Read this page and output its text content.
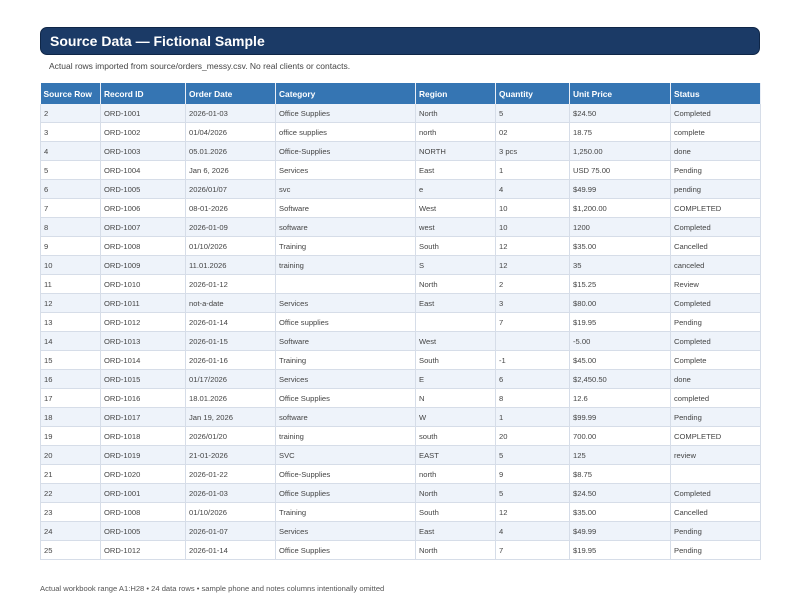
Source Data — Fictional Sample
Actual rows imported from source/orders_messy.csv. No real clients or contacts.
Source Row	Record ID	Order Date	Category	Region	Quantity	Unit Price	Status
2	ORD-1001	2026-01-03	Office Supplies	North	5	$24.50	Completed
3	ORD-1002	01/04/2026	office supplies	north	02	18.75	complete
4	ORD-1003	05.01.2026	Office-Supplies	NORTH	3 pcs	1,250.00	done
5	ORD-1004	Jan 6, 2026	Services	East	1	USD 75.00	Pending
6	ORD-1005	2026/01/07	svc	e	4	$49.99	pending
7	ORD-1006	08-01-2026	Software	West	10	$1,200.00	COMPLETED
8	ORD-1007	2026-01-09	software	west	10	1200	Completed
9	ORD-1008	01/10/2026	Training	South	12	$35.00	Cancelled
10	ORD-1009	11.01.2026	training	S	12	35	canceled
11	ORD-1010	2026-01-12		North	2	$15.25	Review
12	ORD-1011	not-a-date	Services	East	3	$80.00	Completed
13	ORD-1012	2026-01-14	Office supplies		7	$19.95	Pending
14	ORD-1013	2026-01-15	Software	West		-5.00	Completed
15	ORD-1014	2026-01-16	Training	South	-1	$45.00	Complete
16	ORD-1015	01/17/2026	Services	E	6	$2,450.50	done
17	ORD-1016	18.01.2026	Office Supplies	N	8	12.6	completed
18	ORD-1017	Jan 19, 2026	software	W	1	$99.99	Pending
19	ORD-1018	2026/01/20	training	south	20	700.00	COMPLETED
20	ORD-1019	21-01-2026	SVC	EAST	5	125	review
21	ORD-1020	2026-01-22	Office-Supplies	north	9	$8.75	
22	ORD-1001	2026-01-03	Office Supplies	North	5	$24.50	Completed
23	ORD-1008	01/10/2026	Training	South	12	$35.00	Cancelled
24	ORD-1005	2026-01-07	Services	East	4	$49.99	Pending
25	ORD-1012	2026-01-14	Office Supplies	North	7	$19.95	Pending
Actual workbook range A1:H28 • 24 data rows • sample phone and notes columns intentionally omitted
